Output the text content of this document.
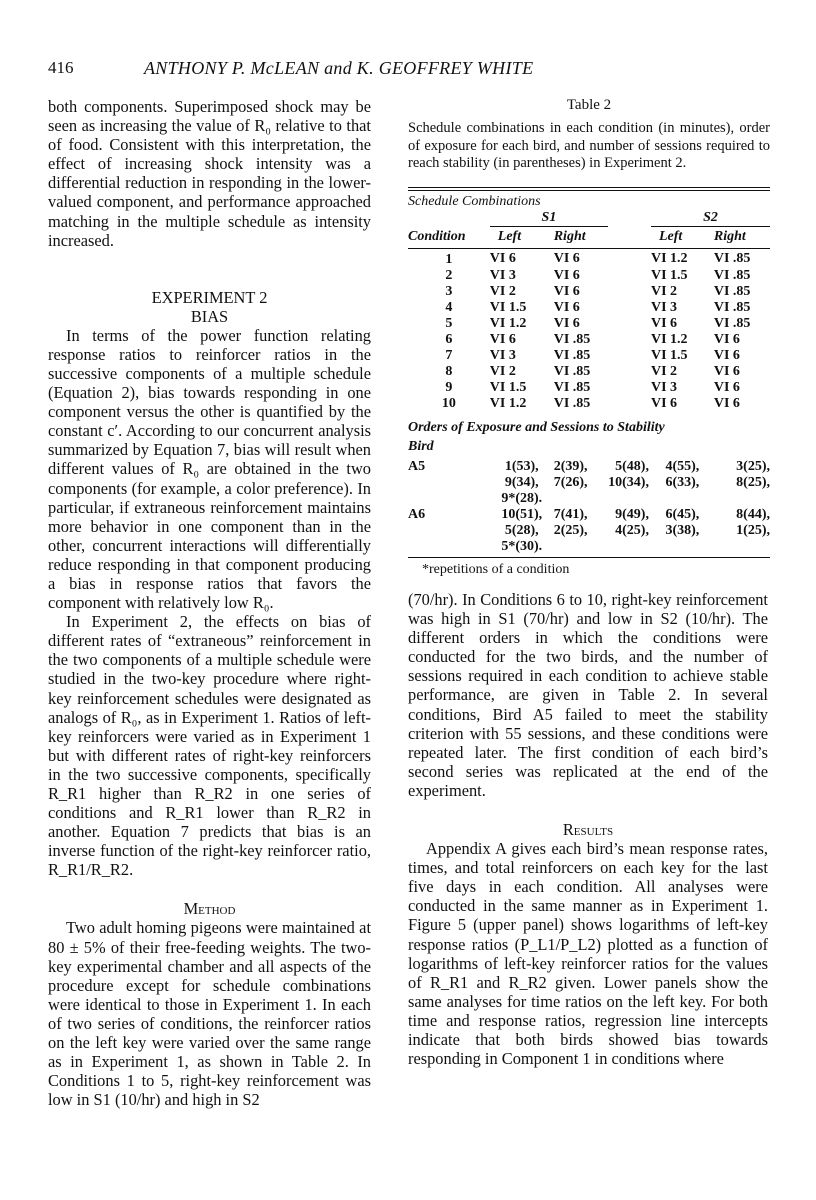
416	ANTHONY P. McLEAN and K. GEOFFREY WHITE

both components. Superimposed shock may be seen as increasing the value of R₀ relative to that of food. Consistent with this interpretation, the effect of increasing shock intensity was a differential reduction in responding in the lower-valued component, and performance approached matching in the multiple schedule as intensity increased.

EXPERIMENT 2
BIAS

In terms of the power function relating response ratios to reinforcer ratios in the successive components of a multiple schedule (Equation 2), bias towards responding in one component versus the other is quantified by the constant c′. According to our concurrent analysis summarized by Equation 7, bias will result when different values of R₀ are obtained in the two components (for example, a color preference). In particular, if extraneous reinforcement maintains more behavior in one component than in the other, concurrent interactions will differentially reduce responding in that component producing a bias in response ratios that favors the component with relatively low R₀.

In Experiment 2, the effects on bias of different rates of “extraneous” reinforcement in the two components of a multiple schedule were studied in the two-key procedure where right-key reinforcement schedules were designated as analogs of R₀, as in Experiment 1. Ratios of left-key reinforcers were varied as in Experiment 1 but with different rates of right-key reinforcers in the two successive components, specifically R_R1 higher than R_R2 in one series of conditions and R_R1 lower than R_R2 in another. Equation 7 predicts that bias is an inverse function of the right-key reinforcer ratio, R_R1/R_R2.

Method

Two adult homing pigeons were maintained at 80 ± 5% of their free-feeding weights. The two-key experimental chamber and all aspects of the procedure except for schedule combinations were identical to those in Experiment 1. In each of two series of conditions, the reinforcer ratios on the left key were varied over the same range as in Experiment 1, as shown in Table 2. In Conditions 1 to 5, right-key reinforcement was low in S1 (10/hr) and high in S2

Table 2
Schedule combinations in each condition (in minutes), order of exposure for each bird, and number of sessions required to reach stability (in parentheses) in Experiment 2.
Schedule Combinations					
	S1			S2	
Condition	Left	Right		Left	Right
1	VI 6	VI 6		VI 1.2	VI .85
2	VI 3	VI 6		VI 1.5	VI .85
3	VI 2	VI 6		VI 2	VI .85
4	VI 1.5	VI 6		VI 3	VI .85
5	VI 1.2	VI 6		VI 6	VI .85
6	VI 6	VI .85		VI 1.2	VI 6
7	VI 3	VI .85		VI 1.5	VI 6
8	VI 2	VI .85		VI 2	VI 6
9	VI 1.5	VI .85		VI 3	VI 6
10	VI 1.2	VI .85		VI 6	VI 6
Orders of Exposure and Sessions to Stability					
Bird					
A5	1(53),	2(39),	5(48),	4(55),	3(25),
	9(34),	7(26),	10(34),	6(33),	8(25),
	9*(28).				
A6	10(51),	7(41),	9(49),	6(45),	8(44),
	5(28),	2(25),	4(25),	3(38),	1(25),
	5*(30).				
*repetitions of a condition

(70/hr). In Conditions 6 to 10, right-key reinforcement was high in S1 (70/hr) and low in S2 (10/hr). The different orders in which the conditions were conducted for the two birds, and the number of sessions required in each condition to achieve stable performance, are given in Table 2. In several conditions, Bird A5 failed to meet the stability criterion with 55 sessions, and these conditions were repeated later. The first condition of each bird’s second series was replicated at the end of the experiment.

Results

Appendix A gives each bird’s mean response rates, times, and total reinforcers on each key for the last five days in each condition. All analyses were conducted in the same manner as in Experiment 1. Figure 5 (upper panel) shows logarithms of left-key response ratios (P_L1/P_L2) plotted as a function of logarithms of left-key reinforcer ratios for the values of R_R1 and R_R2 given. Lower panels show the same analyses for time ratios on the left key. For both time and response ratios, regression line intercepts indicate that both birds showed bias towards responding in Component 1 in conditions where
